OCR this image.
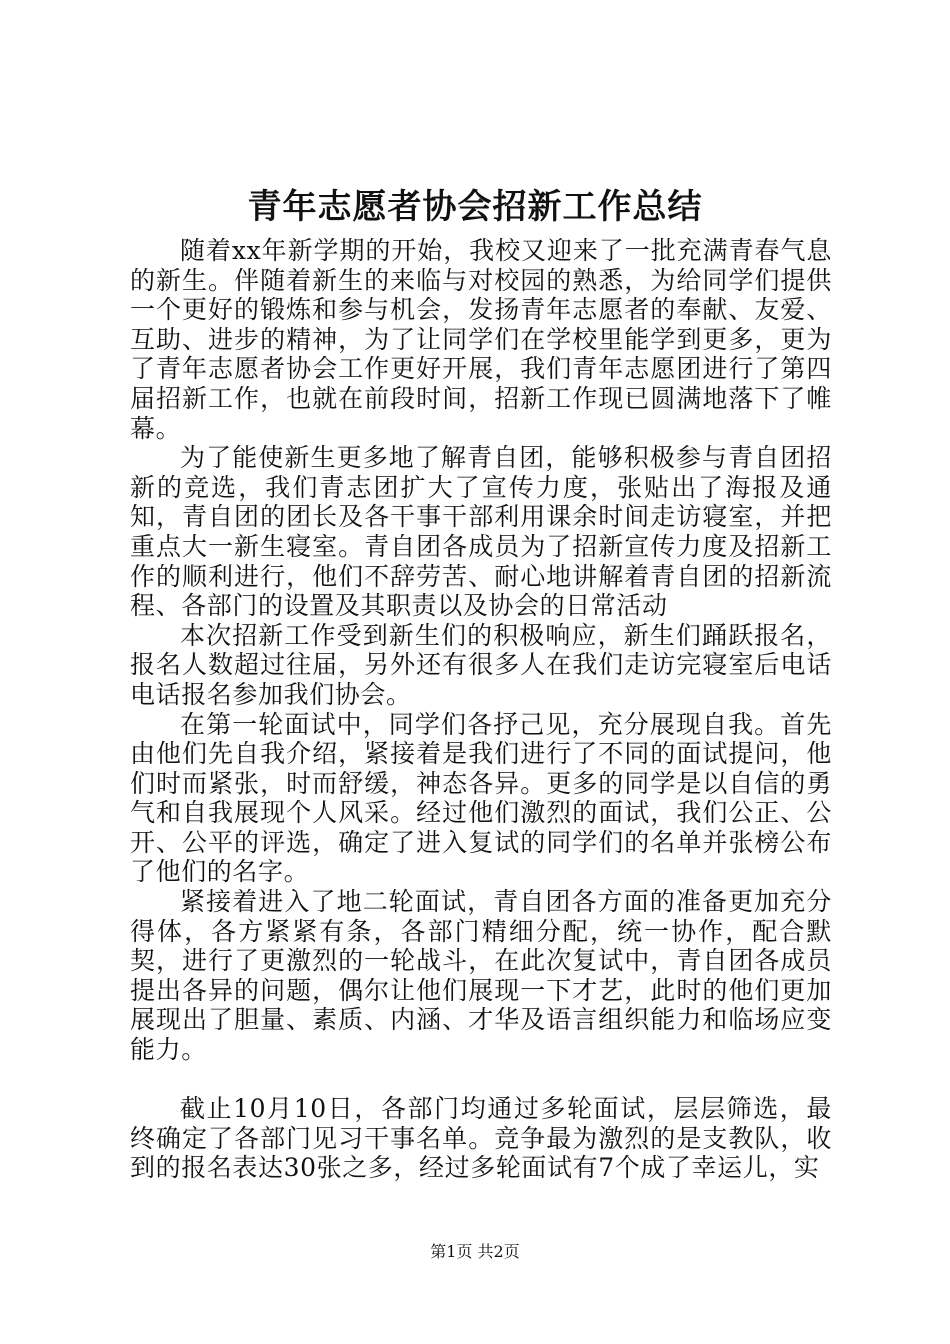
青年志愿者协会招新工作总结

随着xx年新学期的开始，我校又迎来了一批充满青春气息的新生。伴随着新生的来临与对校园的熟悉，为给同学们提供一个更好的锻炼和参与机会，发扬青年志愿者的奉献、友爱、互助、进步的精神，为了让同学们在学校里能学到更多，更为了青年志愿者协会工作更好开展，我们青年志愿团进行了第四届招新工作，也就在前段时间，招新工作现已圆满地落下了帷幕。

为了能使新生更多地了解青自团，能够积极参与青自团招新的竞选，我们青志团扩大了宣传力度，张贴出了海报及通知，青自团的团长及各干事干部利用课余时间走访寝室，并把重点大一新生寝室。青自团各成员为了招新宣传力度及招新工作的顺利进行，他们不辞劳苦、耐心地讲解着青自团的招新流程、各部门的设置及其职责以及协会的日常活动

本次招新工作受到新生们的积极响应，新生们踊跃报名，报名人数超过往届，另外还有很多人在我们走访完寝室后电话电话报名参加我们协会。

在第一轮面试中，同学们各抒己见，充分展现自我。首先由他们先自我介绍，紧接着是我们进行了不同的面试提问，他们时而紧张，时而舒缓，神态各异。更多的同学是以自信的勇气和自我展现个人风采。经过他们激烈的面试，我们公正、公开、公平的评选，确定了进入复试的同学们的名单并张榜公布了他们的名字。

紧接着进入了地二轮面试，青自团各方面的准备更加充分得体，各方紧紧有条，各部门精细分配，统一协作，配合默契，进行了更激烈的一轮战斗，在此次复试中，青自团各成员提出各异的问题，偶尔让他们展现一下才艺，此时的他们更加展现出了胆量、素质、内涵、才华及语言组织能力和临场应变能力。

截止10月10日，各部门均通过多轮面试，层层筛选，最终确定了各部门见习干事名单。竞争最为激烈的是支教队，收到的报名表达30张之多，经过多轮面试有7个成了幸运儿，实

第1页 共2页
